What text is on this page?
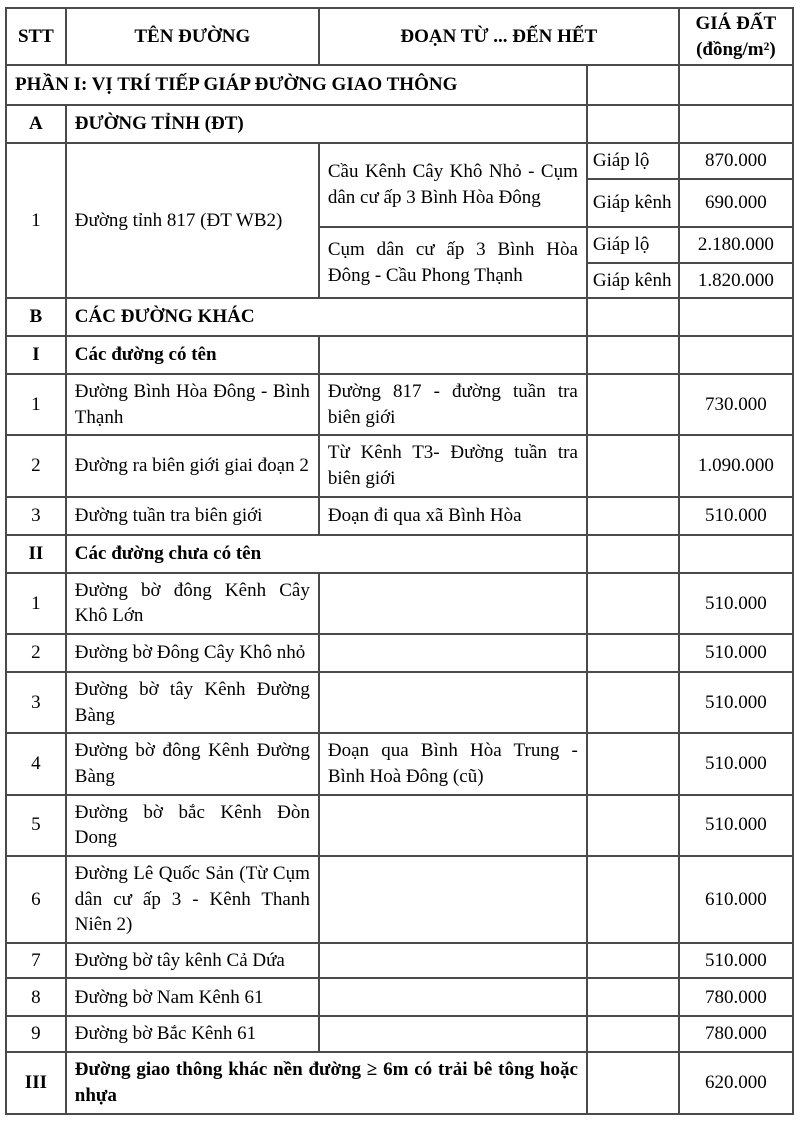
STT	TÊN ĐƯỜNG	ĐOẠN TỪ ... ĐẾN HẾT		GIÁ ĐẤT
(đồng/m²)

PHẦN I: VỊ TRÍ TIẾP GIÁP ĐƯỜNG GIAO THÔNG				
A	ĐƯỜNG TỈNH (ĐT)			
1	Đường tỉnh 817 (ĐT WB2)	Cầu Kênh Cây Khô Nhỏ - Cụm dân cư ấp 3 Bình Hòa Đông	Giáp lộ	870.000
			Giáp kênh	690.000
		Cụm dân cư ấp 3 Bình Hòa Đông - Cầu Phong Thạnh	Giáp lộ	2.180.000
			Giáp kênh	1.820.000
B	CÁC ĐƯỜNG KHÁC			
I	Các đường có tên			
1	Đường Bình Hòa Đông - Bình Thạnh	Đường 817 - đường tuần tra biên giới		730.000
2	Đường ra biên giới giai đoạn 2	Từ Kênh T3- Đường tuần tra biên giới		1.090.000
3	Đường tuần tra biên giới	Đoạn đi qua xã Bình Hòa		510.000
II	Các đường chưa có tên			
1	Đường bờ đông Kênh Cây Khô Lớn			510.000
2	Đường bờ Đông Cây Khô nhỏ			510.000
3	Đường bờ tây Kênh Đường Bàng			510.000
4	Đường bờ đông Kênh Đường Bàng	Đoạn qua Bình Hòa Trung - Bình Hoà Đông (cũ)		510.000
5	Đường bờ bắc Kênh Đòn Dong			510.000
6	Đường Lê Quốc Sản (Từ Cụm dân cư ấp 3 - Kênh Thanh Niên 2)			610.000
7	Đường bờ tây kênh Cả Dứa			510.000
8	Đường bờ Nam Kênh 61			780.000
9	Đường bờ Bắc Kênh 61			780.000
III	Đường giao thông khác nền đường ≥ 6m có trải bê tông hoặc nhựa			620.000
